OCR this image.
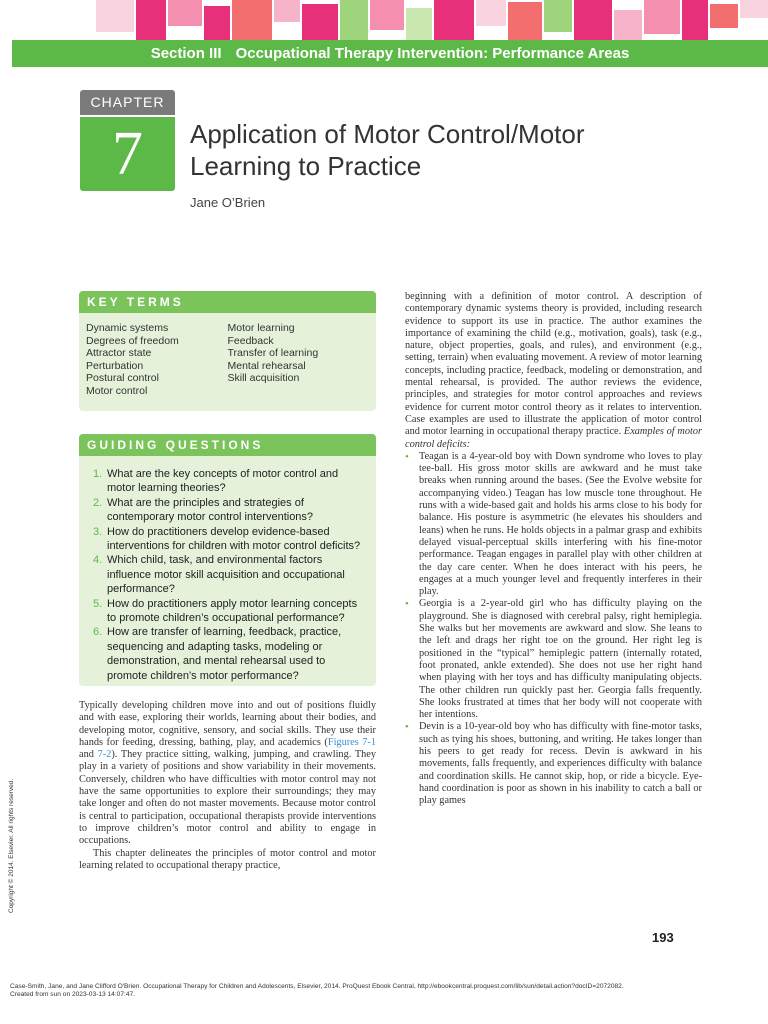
Section III Occupational Therapy Intervention: Performance Areas
CHAPTER
7	Application of Motor Control/Motor Learning to Practice
Jane O’Brien
KEY TERMS
Dynamic systems
Degrees of freedom
Attractor state
Perturbation
Postural control
Motor control
Motor learning
Feedback
Transfer of learning
Mental rehearsal
Skill acquisition
GUIDING QUESTIONS
1. What are the key concepts of motor control and motor learning theories?
2. What are the principles and strategies of contemporary motor control interventions?
3. How do practitioners develop evidence-based interventions for children with motor control deficits?
4. Which child, task, and environmental factors influence motor skill acquisition and occupational performance?
5. How do practitioners apply motor learning concepts to promote children’s occupational performance?
6. How are transfer of learning, feedback, practice, sequencing and adapting tasks, modeling or demonstration, and mental rehearsal used to promote children’s motor performance?

Typically developing children move into and out of positions fluidly and with ease, exploring their worlds, learning about their bodies, and developing motor, cognitive, sensory, and social skills. They use their hands for feeding, dressing, bathing, play, and academics (Figures 7-1 and 7-2). They practice sitting, walking, jumping, and crawling. They play in a variety of positions and show variability in their movements. Conversely, children who have difficulties with motor control may not have the same opportunities to explore their surroundings; they may take longer and often do not master movements. Because motor control is central to participation, occupational therapists provide interventions to improve children’s motor control and ability to engage in occupations.

This chapter delineates the principles of motor control and motor learning related to occupational therapy practice,

beginning with a definition of motor control. A description of contemporary dynamic systems theory is provided, including research evidence to support its use in practice. The author examines the importance of examining the child (e.g., motivation, goals), task (e.g., nature, object properties, goals, and rules), and environment (e.g., setting, terrain) when evaluating movement. A review of motor learning concepts, including practice, feedback, modeling or demonstration, and mental rehearsal, is provided. The author reviews the evidence, principles, and strategies for motor control approaches and reviews evidence for current motor control theory as it relates to intervention. Case examples are used to illustrate the application of motor control and motor learning in occupational therapy practice. Examples of motor control deficits:

• Teagan is a 4-year-old boy with Down syndrome who loves to play tee-ball. His gross motor skills are awkward and he must take breaks when running around the bases. (See the Evolve website for accompanying video.) Teagan has low muscle tone throughout. He runs with a wide-based gait and holds his arms close to his body for balance. His posture is asymmetric (he elevates his shoulders and leans) when he runs. He holds objects in a palmar grasp and exhibits delayed visual-perceptual skills interfering with his fine-motor performance. Teagan engages in parallel play with other children at the day care center. When he does interact with his peers, he engages at a much younger level and frequently interferes in their play.
• Georgia is a 2-year-old girl who has difficulty playing on the playground. She is diagnosed with cerebral palsy, right hemiplegia. She walks but her movements are awkward and slow. She leans to the left and drags her right toe on the ground. Her right leg is positioned in the “typical” hemiplegic pattern (internally rotated, foot pronated, ankle extended). She does not use her right hand when playing with her toys and has difficulty manipulating objects. The other children run quickly past her. Georgia falls frequently. She looks frustrated at times that her body will not cooperate with her intentions.
• Devin is a 10-year-old boy who has difficulty with fine-motor tasks, such as tying his shoes, buttoning, and writing. He takes longer than his peers to get ready for recess. Devin is awkward in his movements, falls frequently, and experiences difficulty with balance and coordination skills. He cannot skip, hop, or ride a bicycle. Eye-hand coordination is poor as shown in his inability to catch a ball or play games
193
Copyright © 2014. Elsevier. All rights reserved.
Case-Smith, Jane, and Jane Clifford O'Brien. Occupational Therapy for Children and Adolescents, Elsevier, 2014. ProQuest Ebook Central, http://ebookcentral.proquest.com/lib/sun/detail.action?docID=2072082.
Created from sun on 2023-03-13 14:07:47.
